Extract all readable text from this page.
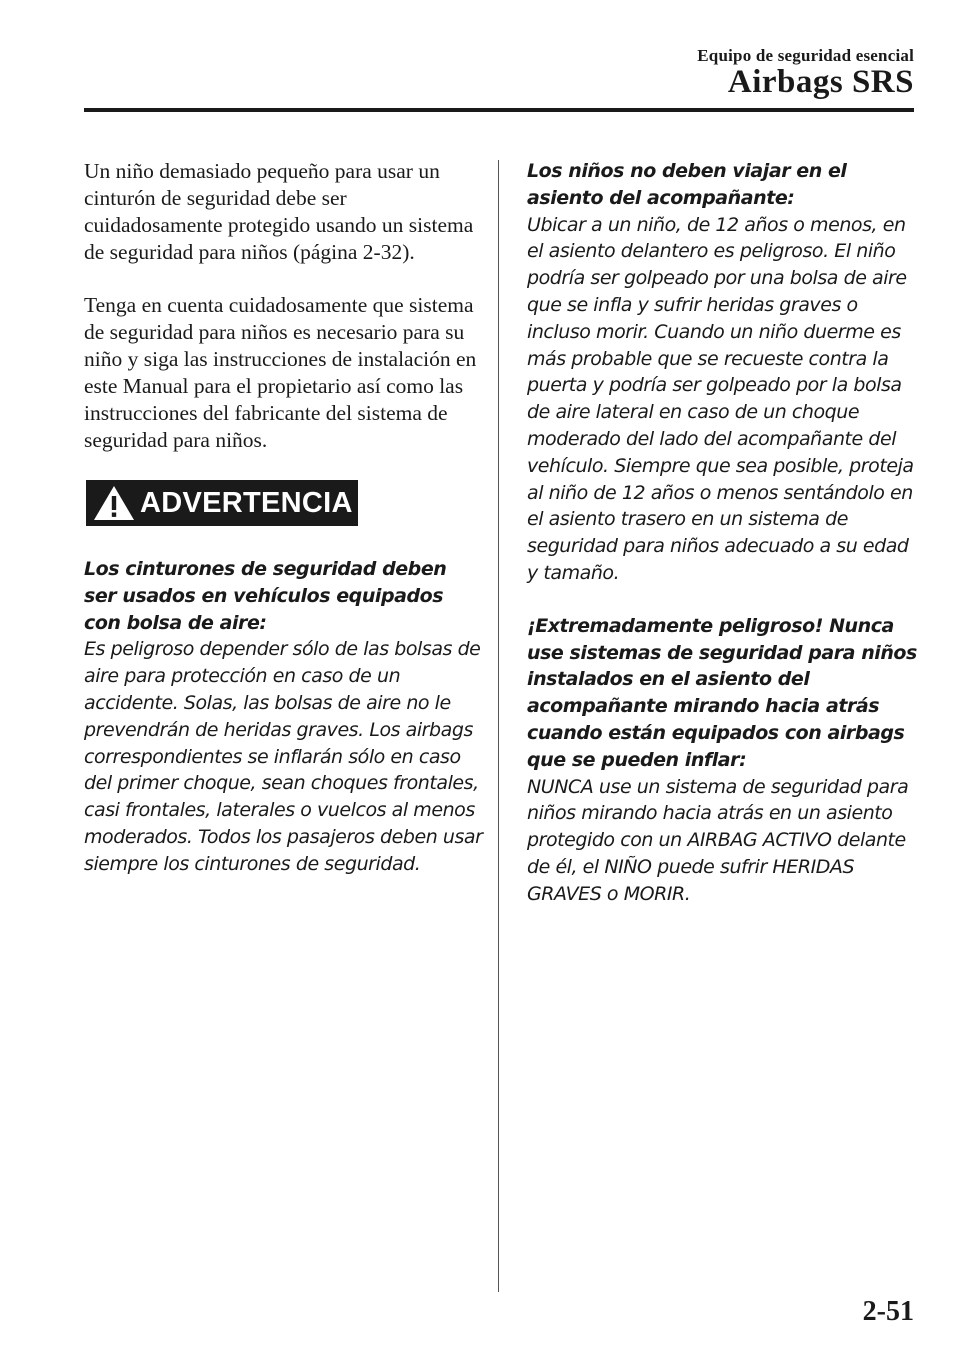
Equipo de seguridad esencial
Airbags SRS

Un niño demasiado pequeño para usar un cinturón de seguridad debe ser cuidadosamente protegido usando un sistema de seguridad para niños (página 2-32).

Tenga en cuenta cuidadosamente que sistema de seguridad para niños es necesario para su niño y siga las instrucciones de instalación en este Manual para el propietario así como las instrucciones del fabricante del sistema de seguridad para niños.

ADVERTENCIA

Los cinturones de seguridad deben ser usados en vehículos equipados con bolsa de aire:

Es peligroso depender sólo de las bolsas de aire para protección en caso de un accidente. Solas, las bolsas de aire no le prevendrán de heridas graves. Los airbags correspondientes se inflarán sólo en caso del primer choque, sean choques frontales, casi frontales, laterales o vuelcos al menos moderados. Todos los pasajeros deben usar siempre los cinturones de seguridad.

Los niños no deben viajar en el asiento del acompañante:

Ubicar a un niño, de 12 años o menos, en el asiento delantero es peligroso. El niño podría ser golpeado por una bolsa de aire que se infla y sufrir heridas graves o incluso morir. Cuando un niño duerme es más probable que se recueste contra la puerta y podría ser golpeado por la bolsa de aire lateral en caso de un choque moderado del lado del acompañante del vehículo. Siempre que sea posible, proteja al niño de 12 años o menos sentándolo en el asiento trasero en un sistema de seguridad para niños adecuado a su edad y tamaño.

¡Extremadamente peligroso! Nunca use sistemas de seguridad para niños instalados en el asiento del acompañante mirando hacia atrás cuando están equipados con airbags que se pueden inflar:

NUNCA use un sistema de seguridad para niños mirando hacia atrás en un asiento protegido con un AIRBAG ACTIVO delante de él, el NIÑO puede sufrir HERIDAS GRAVES o MORIR.

2-51
